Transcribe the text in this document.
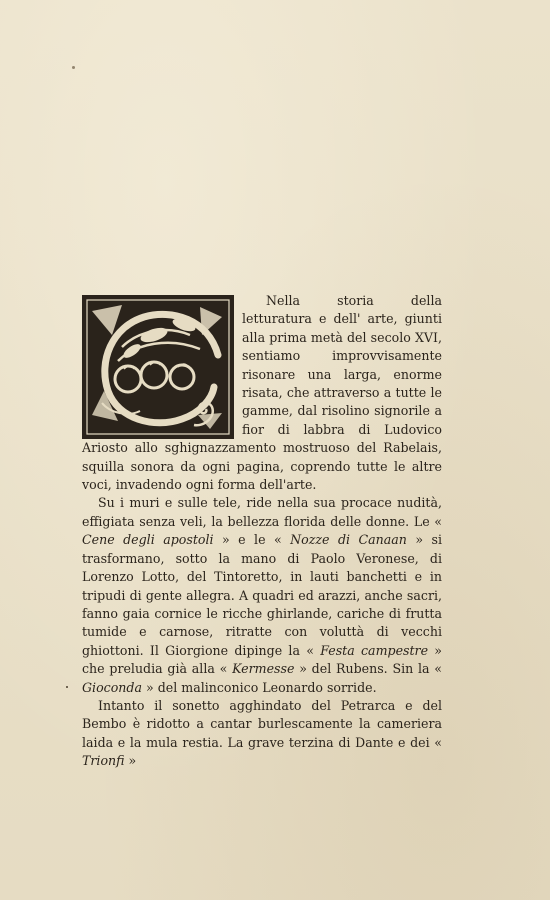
Nella storia della letturatura e dell' arte, giunti alla prima metà del secolo XVI, sentiamo improvvisamente risonare una larga, enorme risata, che attraverso a tutte le gamme, dal risolino signorile a fior di labbra di Ludovico Ariosto allo sghignazzamento mostruoso del Rabelais, squilla sonora da ogni pagina, coprendo tutte le altre voci, invadendo ogni forma dell'arte.

Su i muri e sulle tele, ride nella sua procace nudità, effigiata senza veli, la bellezza florida delle donne. Le « Cene degli apostoli » e le « Nozze di Canaan » si trasformano, sotto la mano di Paolo Veronese, di Lorenzo Lotto, del Tintoretto, in lauti banchetti e in tripudi di gente allegra. A quadri ed arazzi, anche sacri, fanno gaia cornice le ricche ghirlande, cariche di frutta tumide e carnose, ritratte con voluttà di vecchi ghiottoni. Il Giorgione dipinge la « Festa campestre » che preludia già alla « Kermesse » del Rubens. Sin la « Gioconda » del malinconico Leonardo sorride.

Intanto il sonetto agghindato del Petrarca e del Bembo è ridotto a cantar burlescamente la cameriera laida e la mula restia. La grave terzina di Dante e dei « Trionfi »
